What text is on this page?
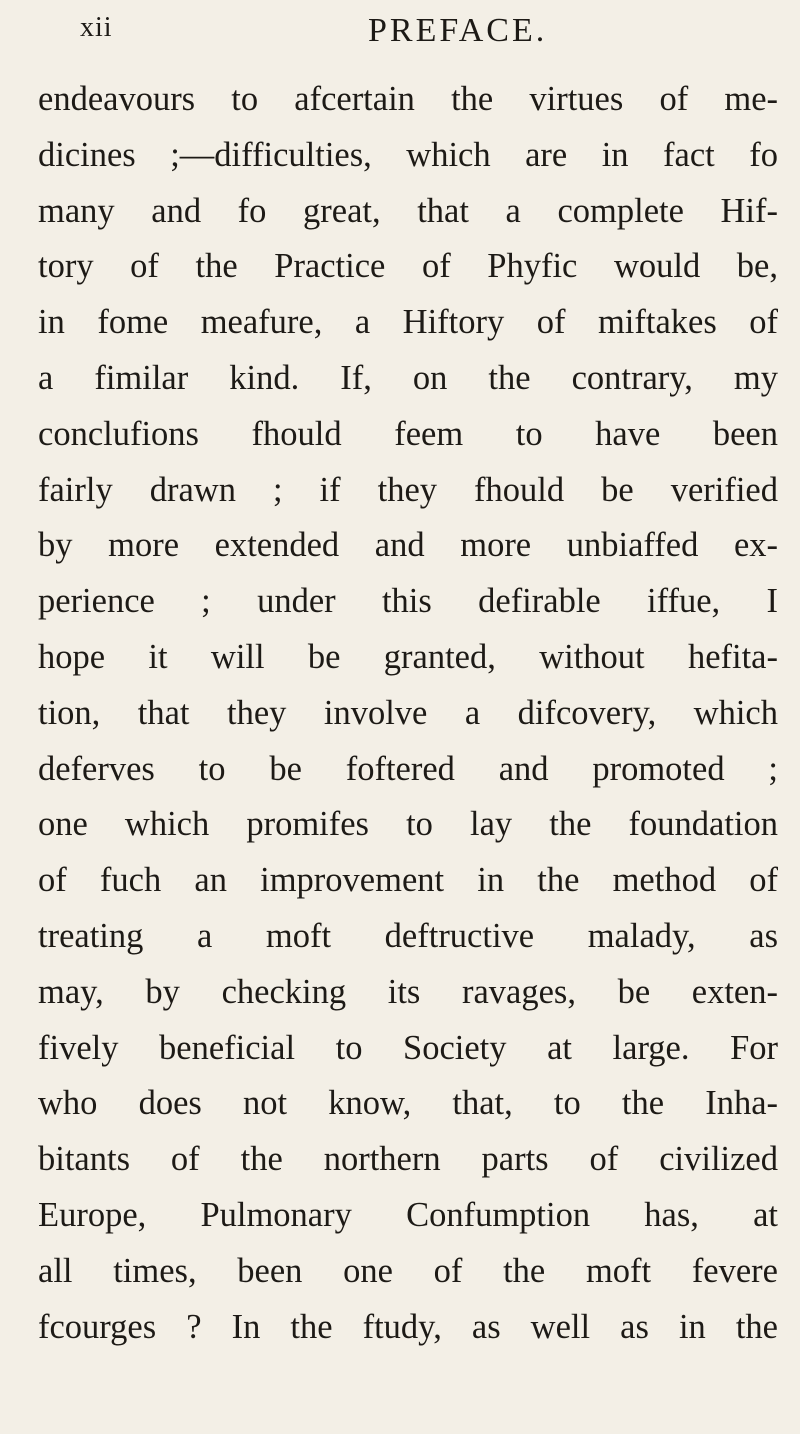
xii	PREFACE.
endeavours to afcertain the virtues of me-
dicines ;—difficulties, which are in fact fo
many and fo great, that a complete Hif-
tory of the Practice of Phyfic would be,
in fome meafure, a Hiftory of miftakes of
a fimilar kind. If, on the contrary, my
conclufions fhould feem to have been
fairly drawn ; if they fhould be verified
by more extended and more unbiaffed ex-
perience ; under this defirable iffue, I
hope it will be granted, without hefita-
tion, that they involve a difcovery, which
deferves to be foftered and promoted ;
one which promifes to lay the foundation
of fuch an improvement in the method of
treating a moft deftructive malady, as
may, by checking its ravages, be exten-
fively beneficial to Society at large. For
who does not know, that, to the Inha-
bitants of the northern parts of civilized
Europe, Pulmonary Confumption has, at
all times, been one of the moft fevere
fcourges ? In the ftudy, as well as in the
